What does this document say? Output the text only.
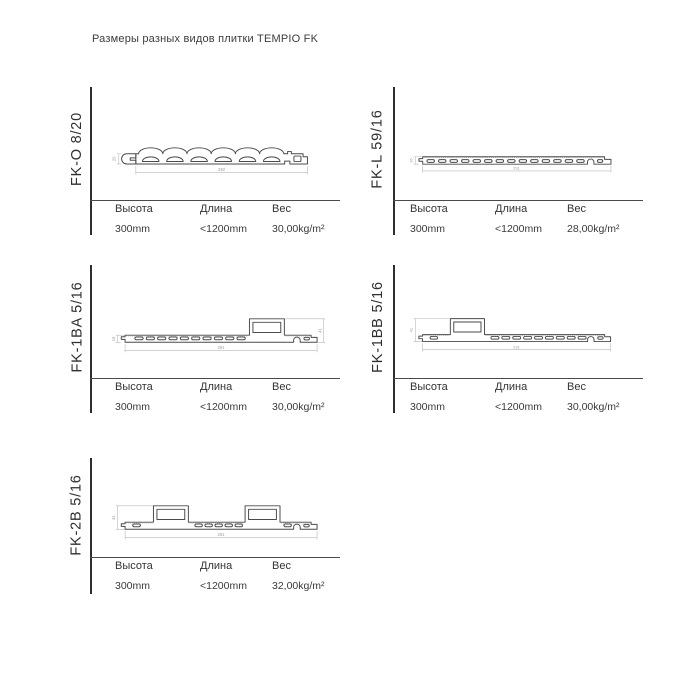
Размеры разных видов плитки TEMPIO FK
FK-O 8/20	252
20
Высота	Длина	Вес
300mm	<1200mm	30,00kg/m²
FK-L 59/16	291
16
Высота	Длина	Вес
300mm	<1200mm	28,00kg/m²
FK-1BA 5/16	291
16
41
Высота	Длина	Вес
300mm	<1200mm	30,00kg/m²
FK-1BB 5/16	291
41
Высота	Длина	Вес
300mm	<1200mm	30,00kg/m²
FK-2B 5/16	291
41
Высота	Длина	Вес
300mm	<1200mm	32,00kg/m²
